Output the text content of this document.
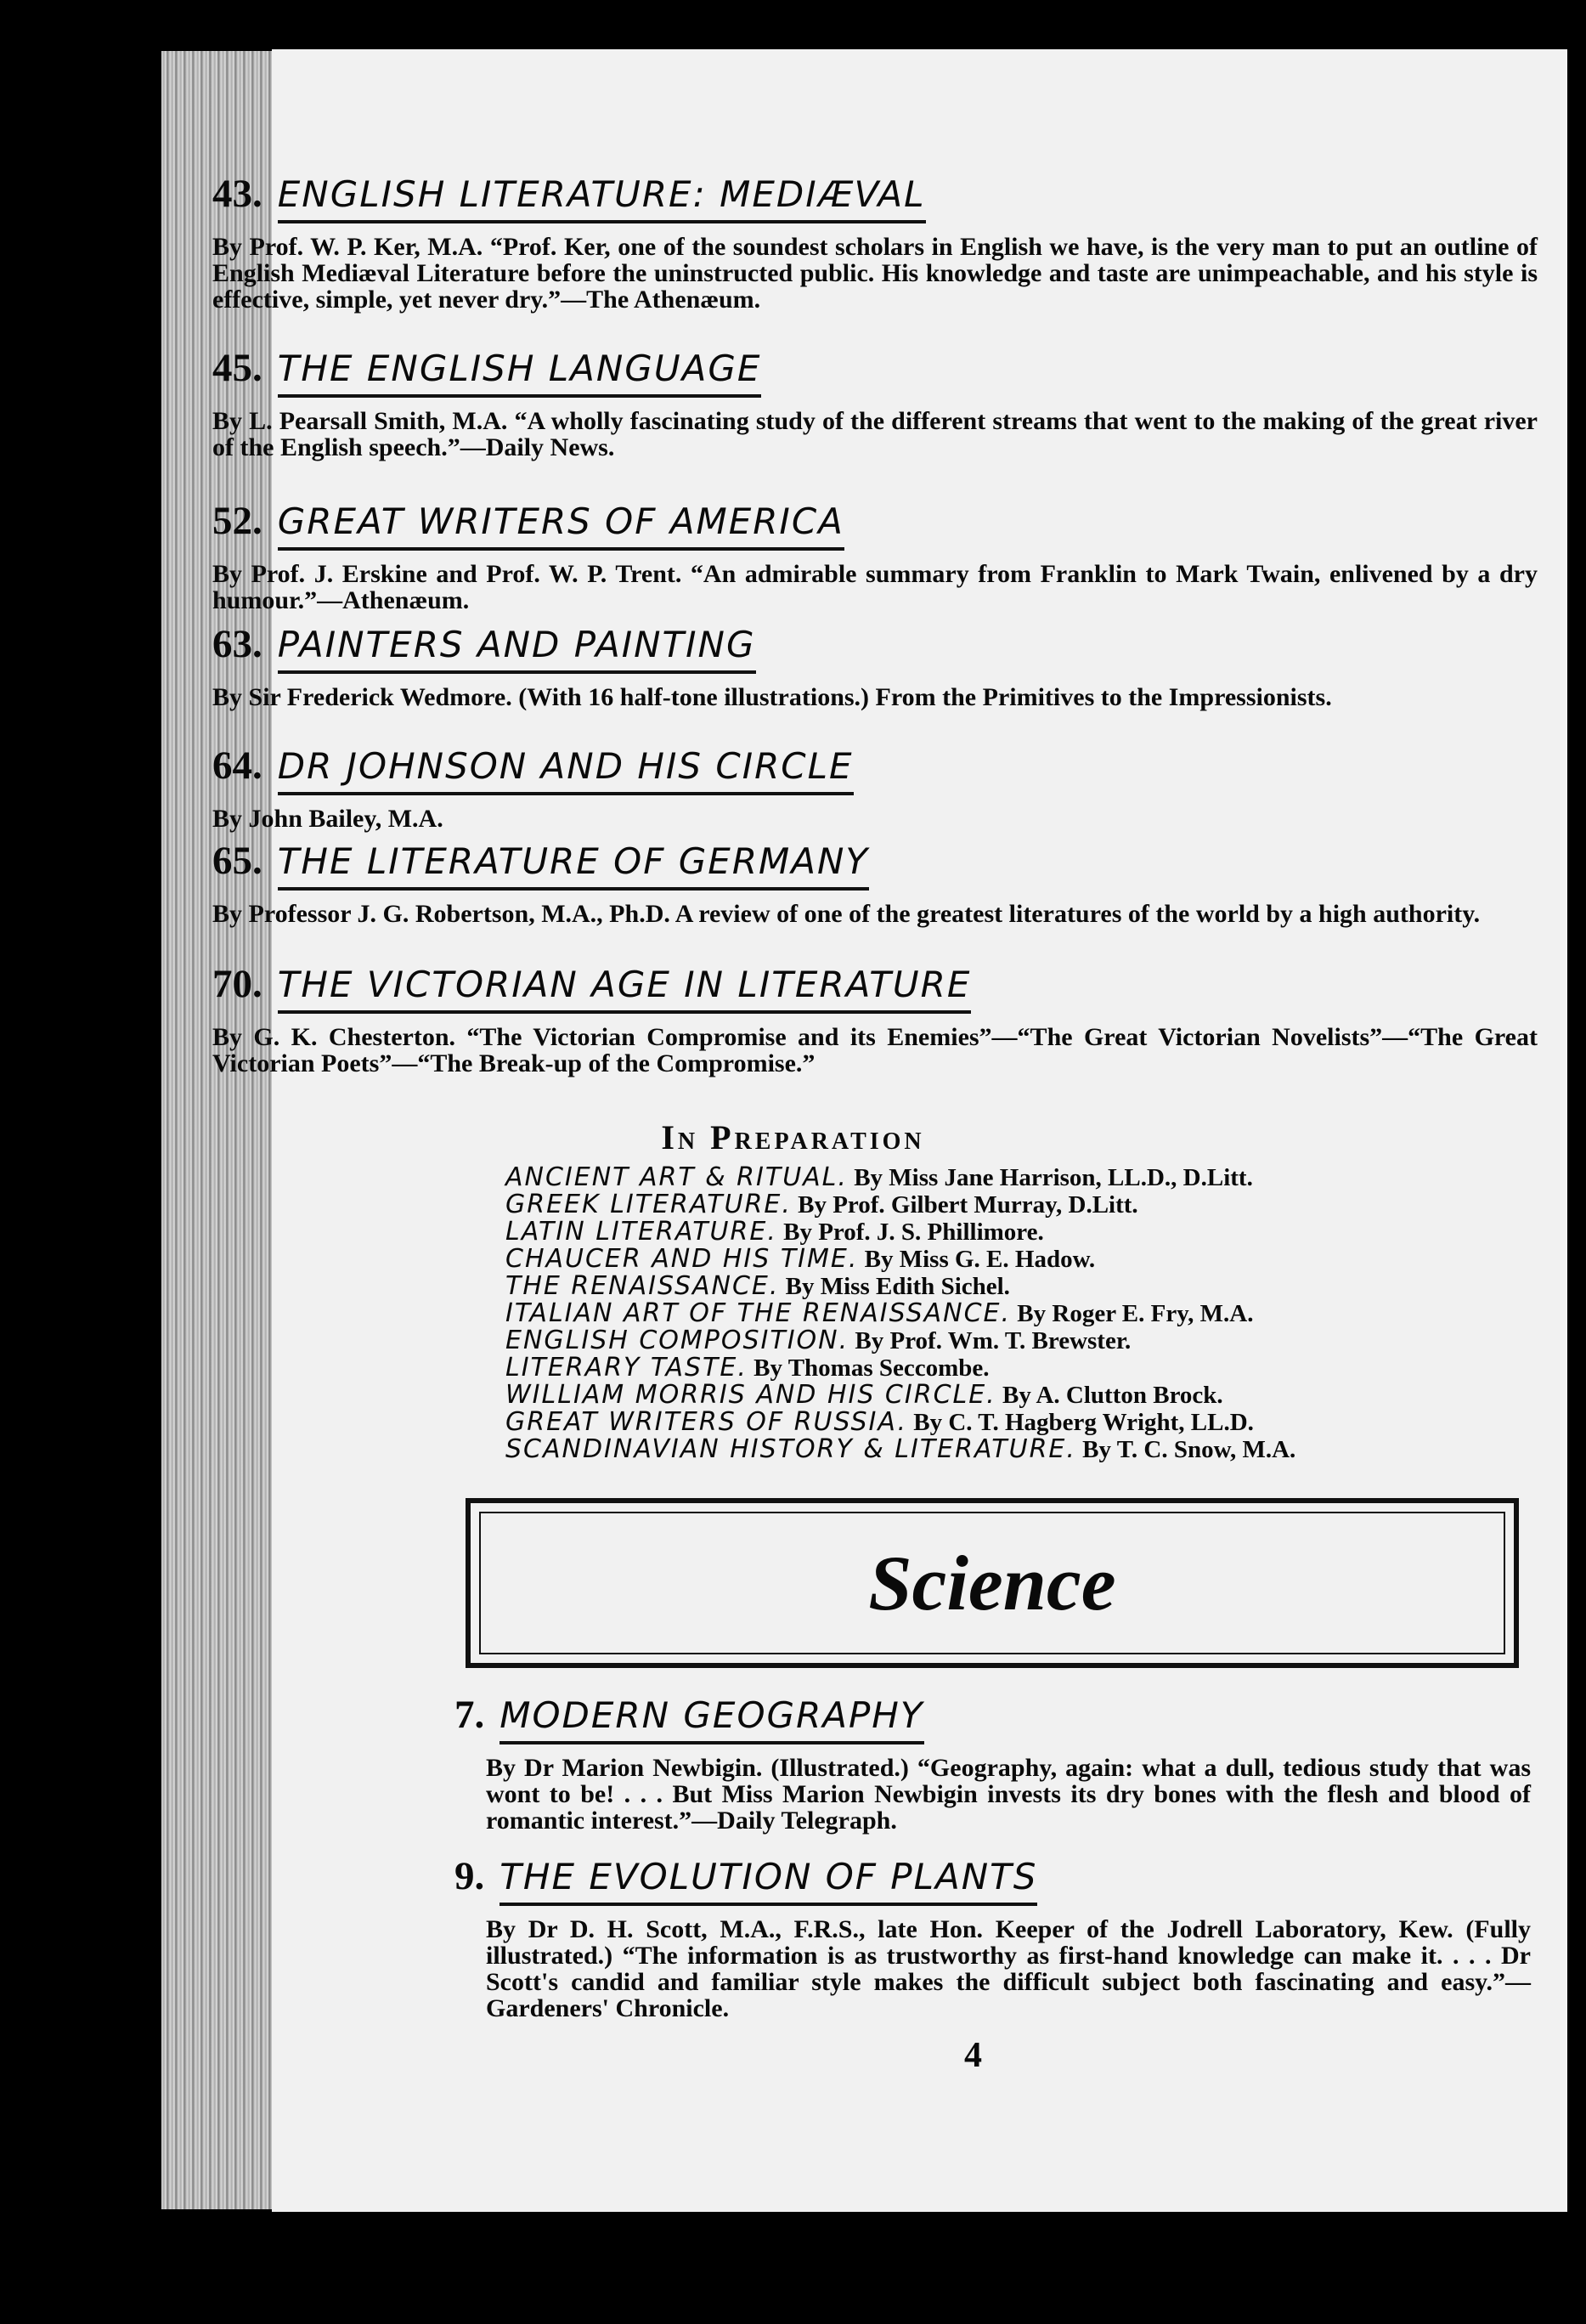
43. ENGLISH LITERATURE: MEDIÆVAL
By Prof. W. P. Ker, M.A. “Prof. Ker, one of the soundest scholars in English we have, is the very man to put an outline of English Mediæval Literature before the uninstructed public. His knowledge and taste are unimpeachable, and his style is effective, simple, yet never dry.”—The Athenæum.
45. THE ENGLISH LANGUAGE
By L. Pearsall Smith, M.A. “A wholly fascinating study of the different streams that went to the making of the great river of the English speech.”—Daily News.
52. GREAT WRITERS OF AMERICA
By Prof. J. Erskine and Prof. W. P. Trent. “An admirable summary from Franklin to Mark Twain, enlivened by a dry humour.”—Athenæum.
63. PAINTERS AND PAINTING
By Sir Frederick Wedmore. (With 16 half-tone illustrations.) From the Primitives to the Impressionists.
64. DR JOHNSON AND HIS CIRCLE
By John Bailey, M.A.
65. THE LITERATURE OF GERMANY
By Professor J. G. Robertson, M.A., Ph.D. A review of one of the greatest literatures of the world by a high authority.
70. THE VICTORIAN AGE IN LITERATURE
By G. K. Chesterton. “The Victorian Compromise and its Enemies”—“The Great Victorian Novelists”—“The Great Victorian Poets”—“The Break-up of the Compromise.”
In Preparation
ANCIENT ART & RITUAL. By Miss Jane Harrison, LL.D., D.Litt.
GREEK LITERATURE. By Prof. Gilbert Murray, D.Litt.
LATIN LITERATURE. By Prof. J. S. Phillimore.
CHAUCER AND HIS TIME. By Miss G. E. Hadow.
THE RENAISSANCE. By Miss Edith Sichel.
ITALIAN ART OF THE RENAISSANCE. By Roger E. Fry, M.A.
ENGLISH COMPOSITION. By Prof. Wm. T. Brewster.
LITERARY TASTE. By Thomas Seccombe.
WILLIAM MORRIS AND HIS CIRCLE. By A. Clutton Brock.
GREAT WRITERS OF RUSSIA. By C. T. Hagberg Wright, LL.D.
SCANDINAVIAN HISTORY & LITERATURE. By T. C. Snow, M.A.
Science
7. MODERN GEOGRAPHY
By Dr Marion Newbigin. (Illustrated.) “Geography, again: what a dull, tedious study that was wont to be! . . . But Miss Marion Newbigin invests its dry bones with the flesh and blood of romantic interest.”—Daily Telegraph.
9. THE EVOLUTION OF PLANTS
By Dr D. H. Scott, M.A., F.R.S., late Hon. Keeper of the Jodrell Laboratory, Kew. (Fully illustrated.) “The information is as trustworthy as first-hand knowledge can make it. . . . Dr Scott's candid and familiar style makes the difficult subject both fascinating and easy.”—Gardeners' Chronicle.
4
